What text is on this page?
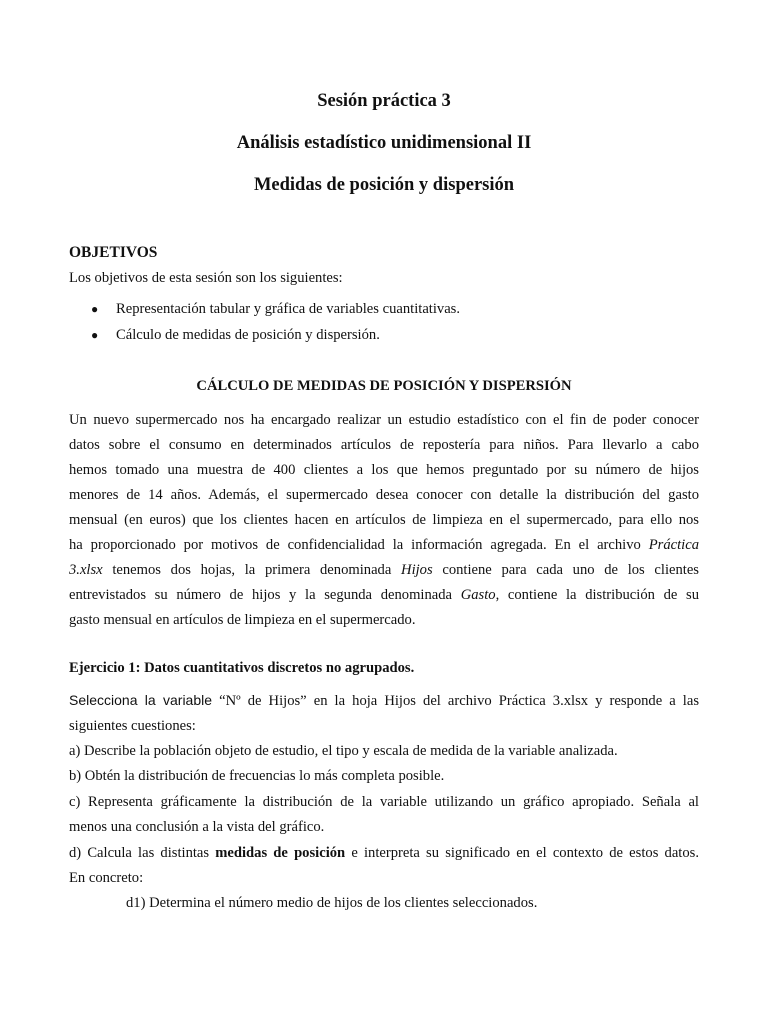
Sesión práctica 3
Análisis estadístico unidimensional II
Medidas de posición y dispersión
OBJETIVOS
Los objetivos de esta sesión son los siguientes:
● Representación tabular y gráfica de variables cuantitativas.
● Cálculo de medidas de posición y dispersión.
CÁLCULO DE MEDIDAS DE POSICIÓN Y DISPERSIÓN
Un nuevo supermercado nos ha encargado realizar un estudio estadístico con el fin de poder conocer
datos sobre el consumo en determinados artículos de repostería para niños. Para llevarlo a cabo
hemos tomado una muestra de 400 clientes a los que hemos preguntado por su número de hijos
menores de 14 años. Además, el supermercado desea conocer con detalle la distribución del gasto
mensual (en euros) que los clientes hacen en artículos de limpieza en el supermercado, para ello nos
ha proporcionado por motivos de confidencialidad la información agregada. En el archivo Práctica
3.xlsx tenemos dos hojas, la primera denominada Hijos contiene para cada uno de los clientes
entrevistados su número de hijos y la segunda denominada Gasto, contiene la distribución de su
gasto mensual en artículos de limpieza en el supermercado.
Ejercicio 1: Datos cuantitativos discretos no agrupados.
Selecciona la variable “Nº de Hijos” en la hoja Hijos del archivo Práctica 3.xlsx y responde a las
siguientes cuestiones:
a) Describe la población objeto de estudio, el tipo y escala de medida de la variable analizada.
b) Obtén la distribución de frecuencias lo más completa posible.
c) Representa gráficamente la distribución de la variable utilizando un gráfico apropiado. Señala al
menos una conclusión a la vista del gráfico.
d) Calcula las distintas medidas de posición e interpreta su significado en el contexto de estos datos.
En concreto:
d1) Determina el número medio de hijos de los clientes seleccionados.
